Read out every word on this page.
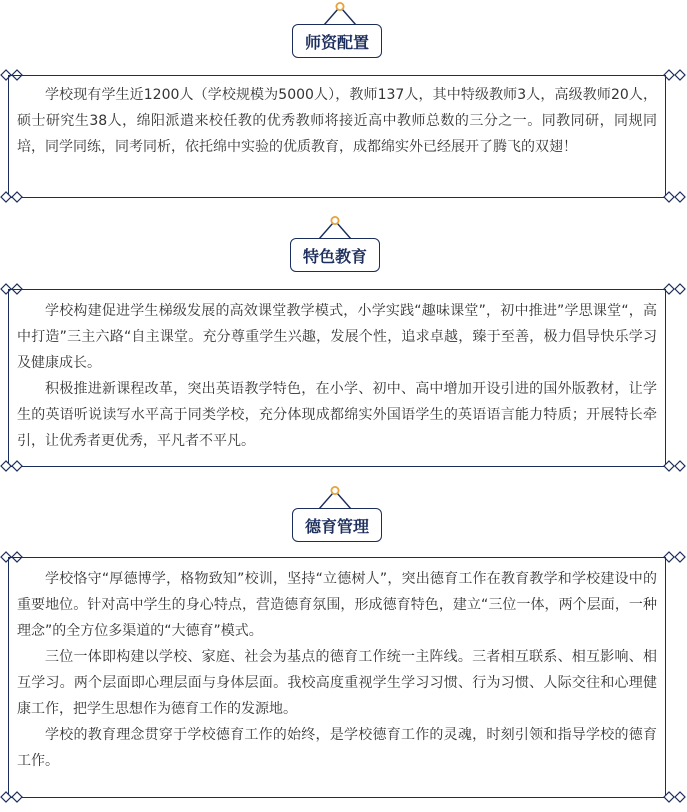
师资配置

学校现有学生近1200人（学校规模为5000人），教师137人，其中特级教师3人，高级教师20人，硕士研究生38人，绵阳派遣来校任教的优秀教师将接近高中教师总数的三分之一。同教同研，同规同培，同学同练，同考同析，依托绵中实验的优质教育，成都绵实外已经展开了腾飞的双翅！

特色教育

学校构建促进学生梯级发展的高效课堂教学模式，小学实践“趣味课堂”，初中推进”学思课堂“，高中打造”三主六路“自主课堂。充分尊重学生兴趣，发展个性，追求卓越，臻于至善，极力倡导快乐学习及健康成长。

积极推进新课程改革，突出英语教学特色，在小学、初中、高中增加开设引进的国外版教材，让学生的英语听说读写水平高于同类学校，充分体现成都绵实外国语学生的英语语言能力特质；开展特长牵引，让优秀者更优秀，平凡者不平凡。

德育管理

学校恪守“厚德博学，格物致知”校训，坚持“立德树人”，突出德育工作在教育教学和学校建设中的重要地位。针对高中学生的身心特点，营造德育氛围，形成德育特色，建立“三位一体，两个层面，一种理念”的全方位多渠道的“大德育”模式。

三位一体即构建以学校、家庭、社会为基点的德育工作统一主阵线。三者相互联系、相互影响、相互学习。两个层面即心理层面与身体层面。我校高度重视学生学习习惯、行为习惯、人际交往和心理健康工作，把学生思想作为德育工作的发源地。

学校的教育理念贯穿于学校德育工作的始终，是学校德育工作的灵魂，时刻引领和指导学校的德育工作。
